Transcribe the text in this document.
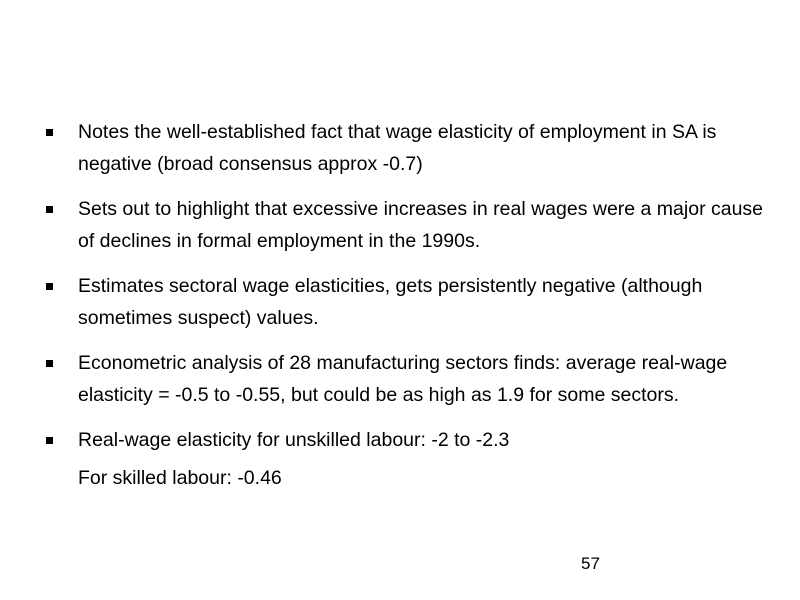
Notes the well-established fact that wage elasticity of employment in SA is negative (broad consensus approx -0.7)
Sets out to highlight that excessive increases in real wages were a major cause of declines in formal employment in the 1990s.
Estimates sectoral wage elasticities, gets persistently negative (although sometimes suspect) values.
Econometric analysis of 28 manufacturing sectors finds: average real-wage elasticity = -0.5 to -0.55, but could be as high as 1.9 for some sectors.
Real-wage elasticity for unskilled labour: -2 to -2.3
For skilled labour: -0.46
57
